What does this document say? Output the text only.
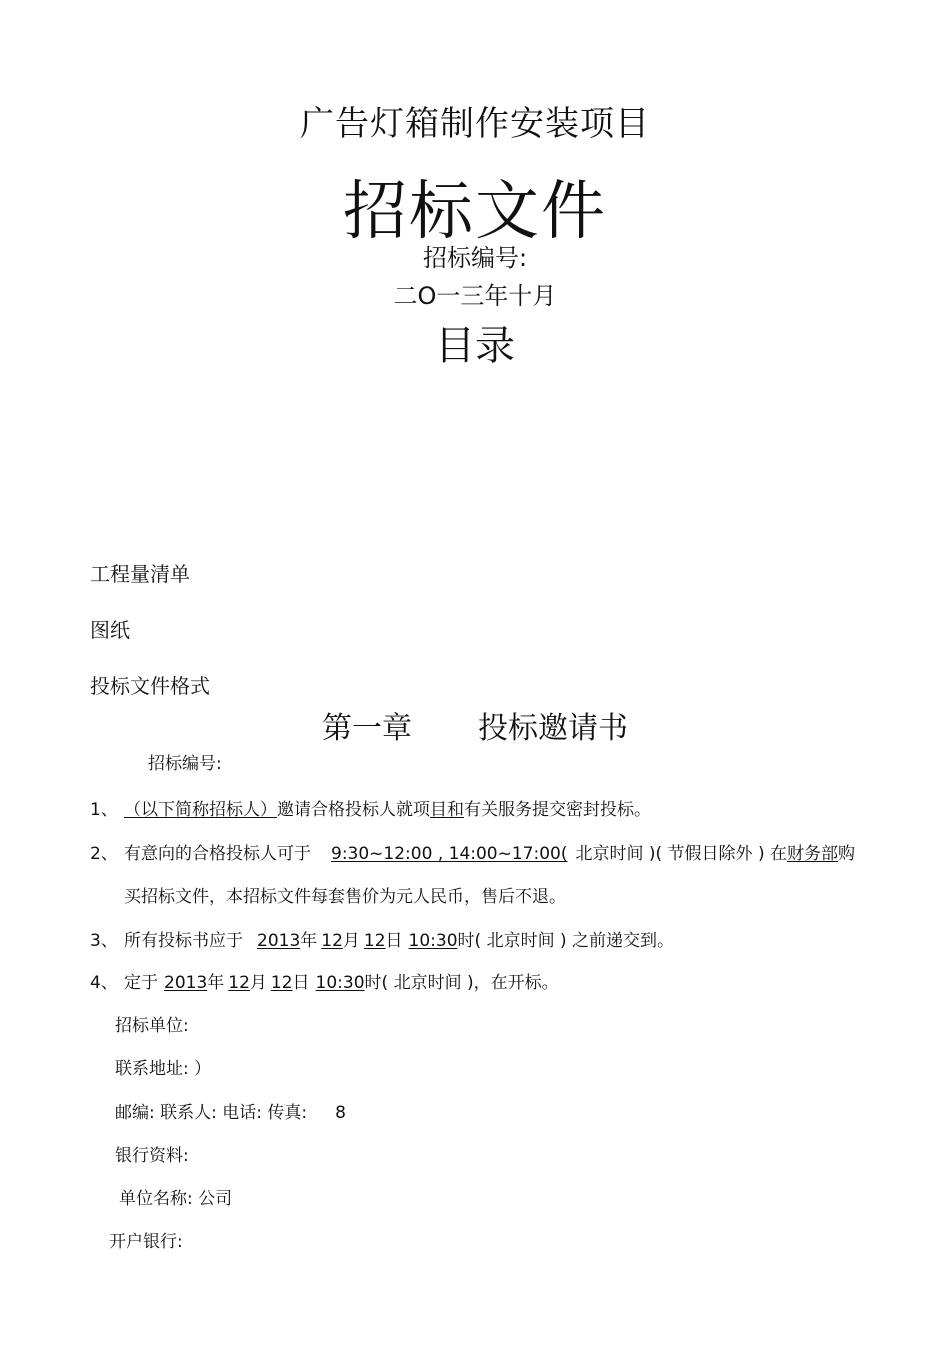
广告灯箱制作安装项目
招标文件
招标编号:
二O一三年十月
目录
工程量清单
图纸
投标文件格式
第一章 投标邀请书
招标编号:
1、 （以下简称招标人）邀请合格投标人就项目和有关服务提交密封投标。
2、 有意向的合格投标人可于 9:30~12:00 , 14:00~17:00( 北京时间 )( 节假日除外 ) 在财务部购
买招标文件，本招标文件每套售价为元人民币，售后不退。
3、 所有投标书应于 2013年 12月 12日 10:30时( 北京时间 ) 之前递交到。
4、 定于 2013年 12月 12日 10:30时( 北京时间 )，在开标。
招标单位:
联系地址: ）
邮编: 联系人: 电话: 传真: 8
银行资料:
单位名称: 公司
开户银行:
